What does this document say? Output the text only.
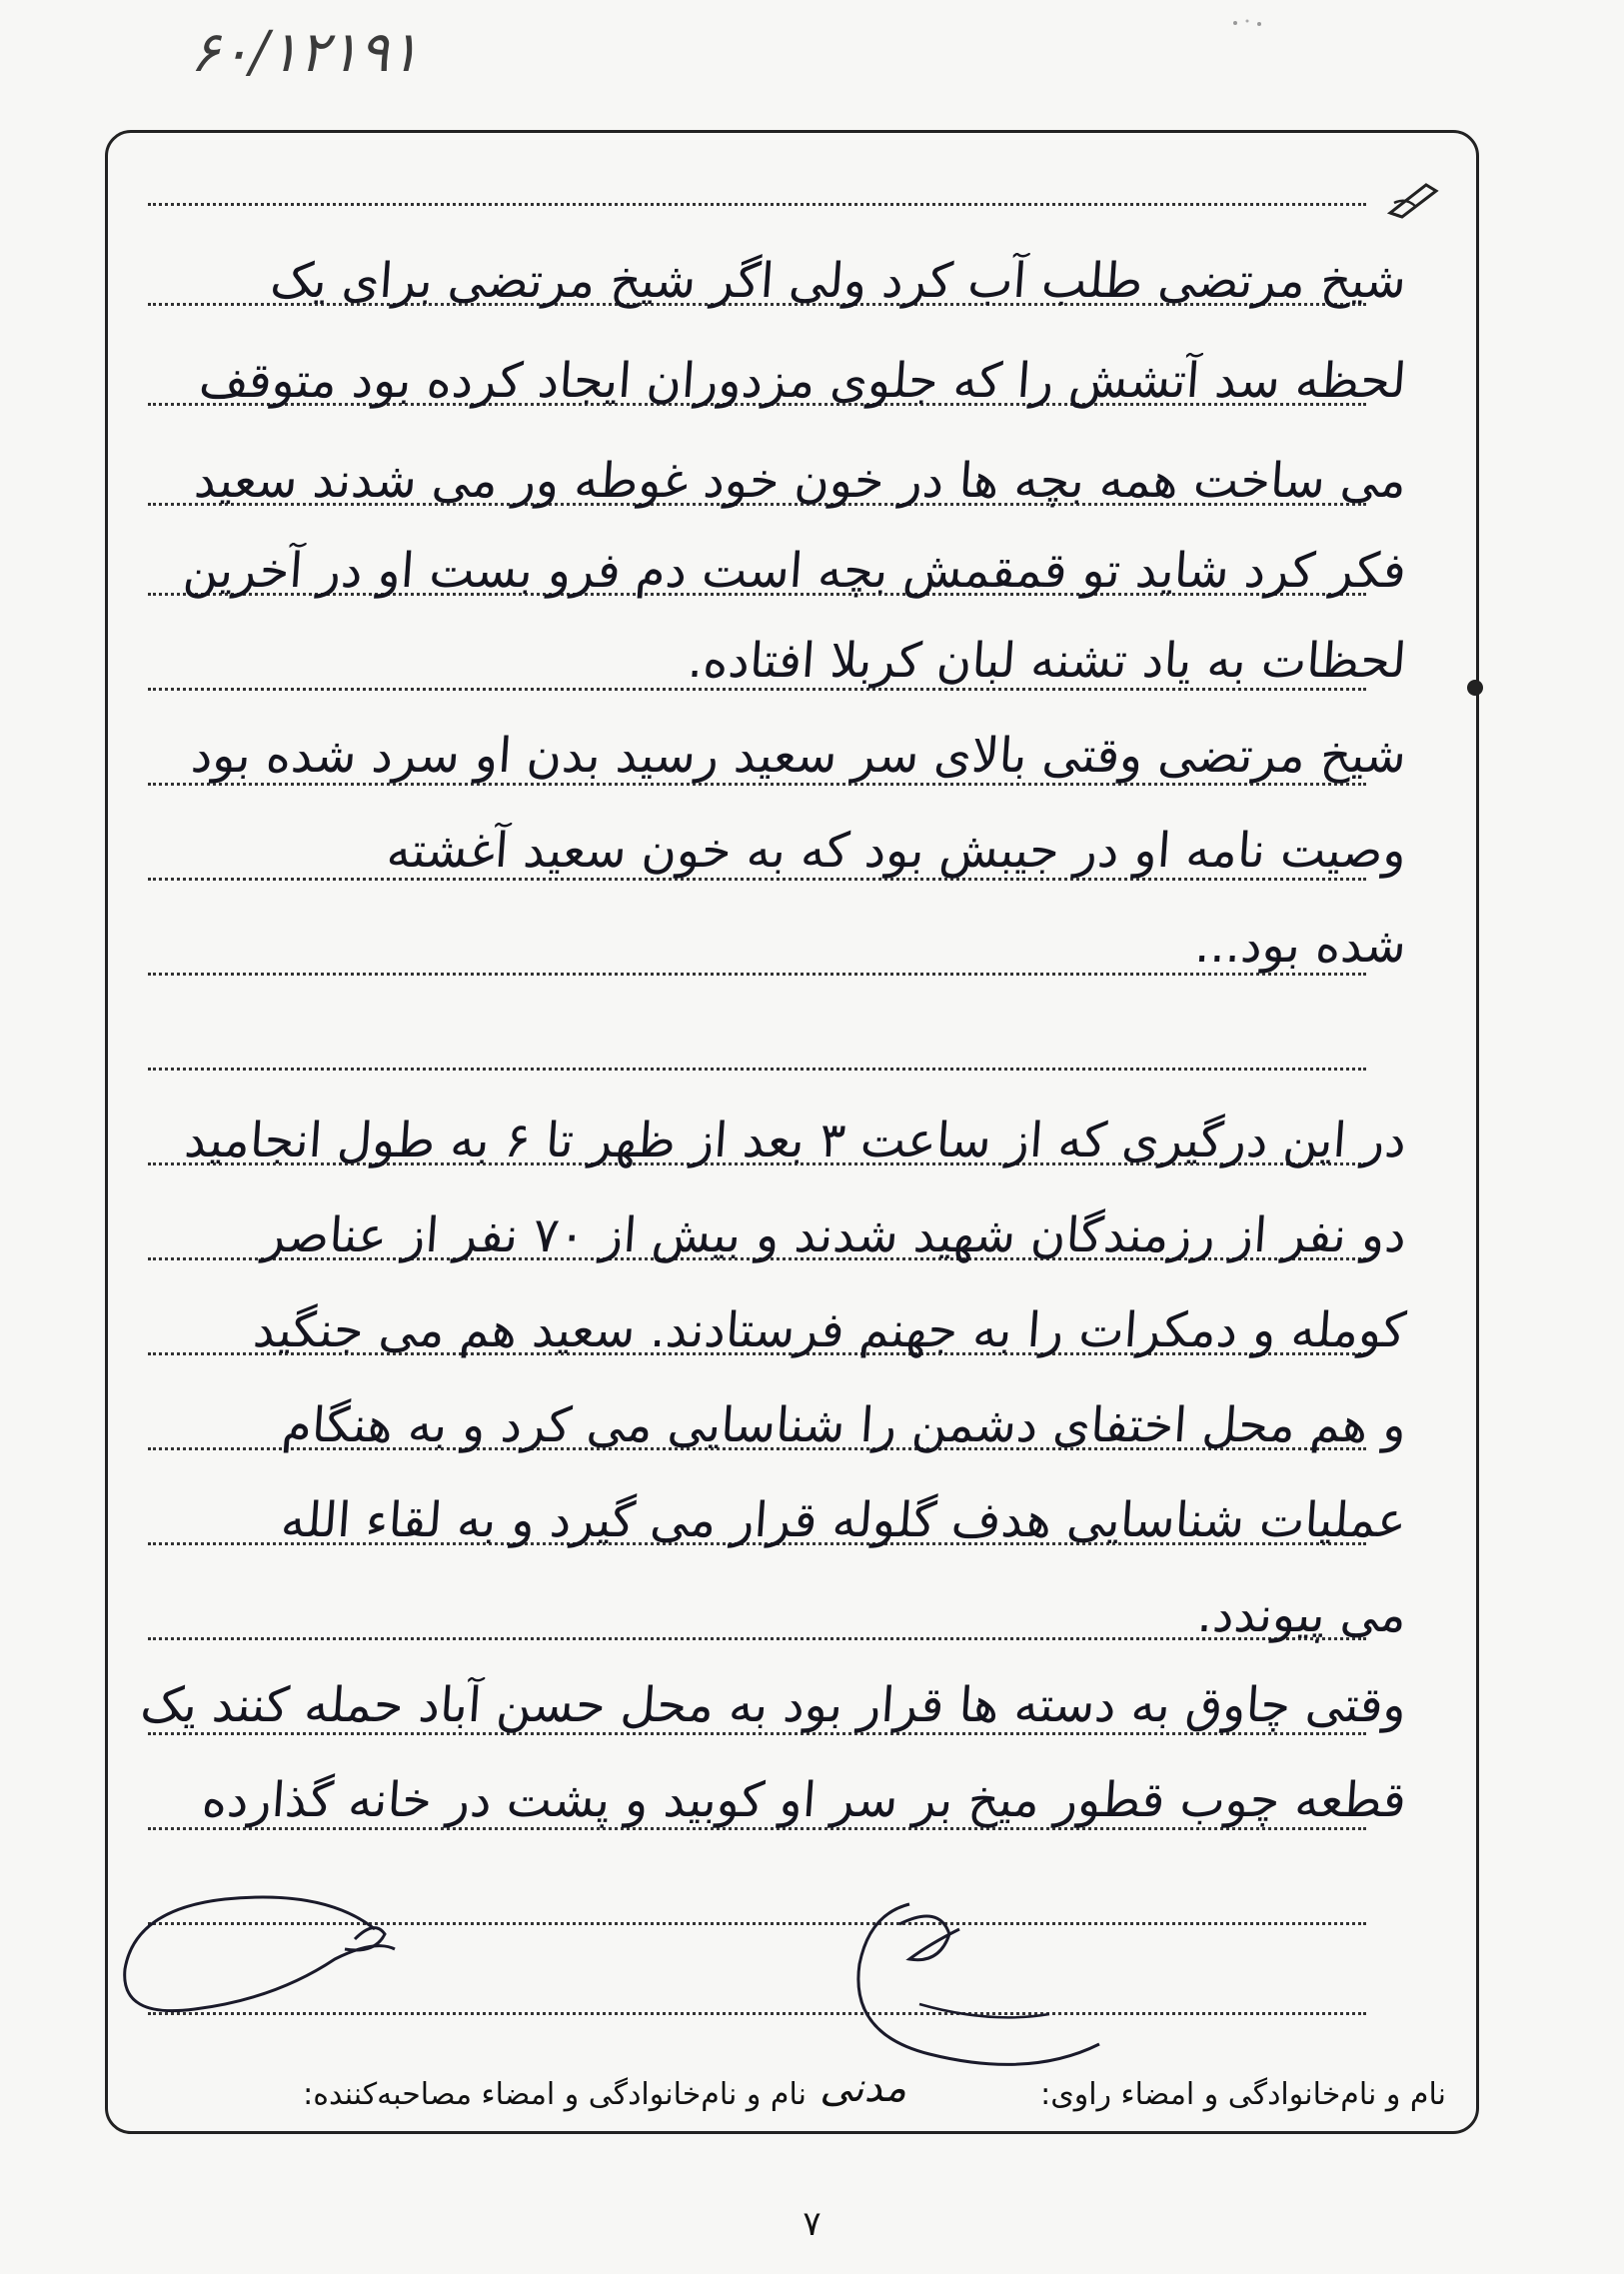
۶۰/۱۲۱۹۱
شیخ مرتضی طلب آب کرد ولی اگر شیخ مرتضی برای یک
لحظه سد آتشش را که جلوی مزدوران ایجاد کرده بود متوقف
می ساخت همه بچه ها در خون خود غوطه ور می شدند سعید
فکر کرد شاید تو قمقمش بچه است دم فرو بست او در آخرین
لحظات به یاد تشنه لبان کربلا افتاده.
شیخ مرتضی وقتی بالای سر سعید رسید بدن او سرد شده بود
وصیت نامه او در جیبش بود که به خون سعید آغشته
شده بود...
در این درگیری که از ساعت ۳ بعد از ظهر تا ۶ به طول انجامید
دو نفر از رزمندگان شهید شدند و بیش از ۷۰ نفر از عناصر
کومله و دمکرات را به جهنم فرستادند. سعید هم می جنگید
و هم محل اختفای دشمن را شناسایی می کرد و به هنگام
عملیات شناسایی هدف گلوله قرار می گیرد و به لقاء الله
می پیوندد.
وقتی چاوق به دسته ها قرار بود به محل حسن آباد حمله کنند یک
قطعه چوب قطور میخ بر سر او کوبید و پشت در خانه گذارده
نام و نام‌خانوادگی و امضاء راوی:
مدنی
نام و نام‌خانوادگی و امضاء مصاحبه‌کننده:
۷
